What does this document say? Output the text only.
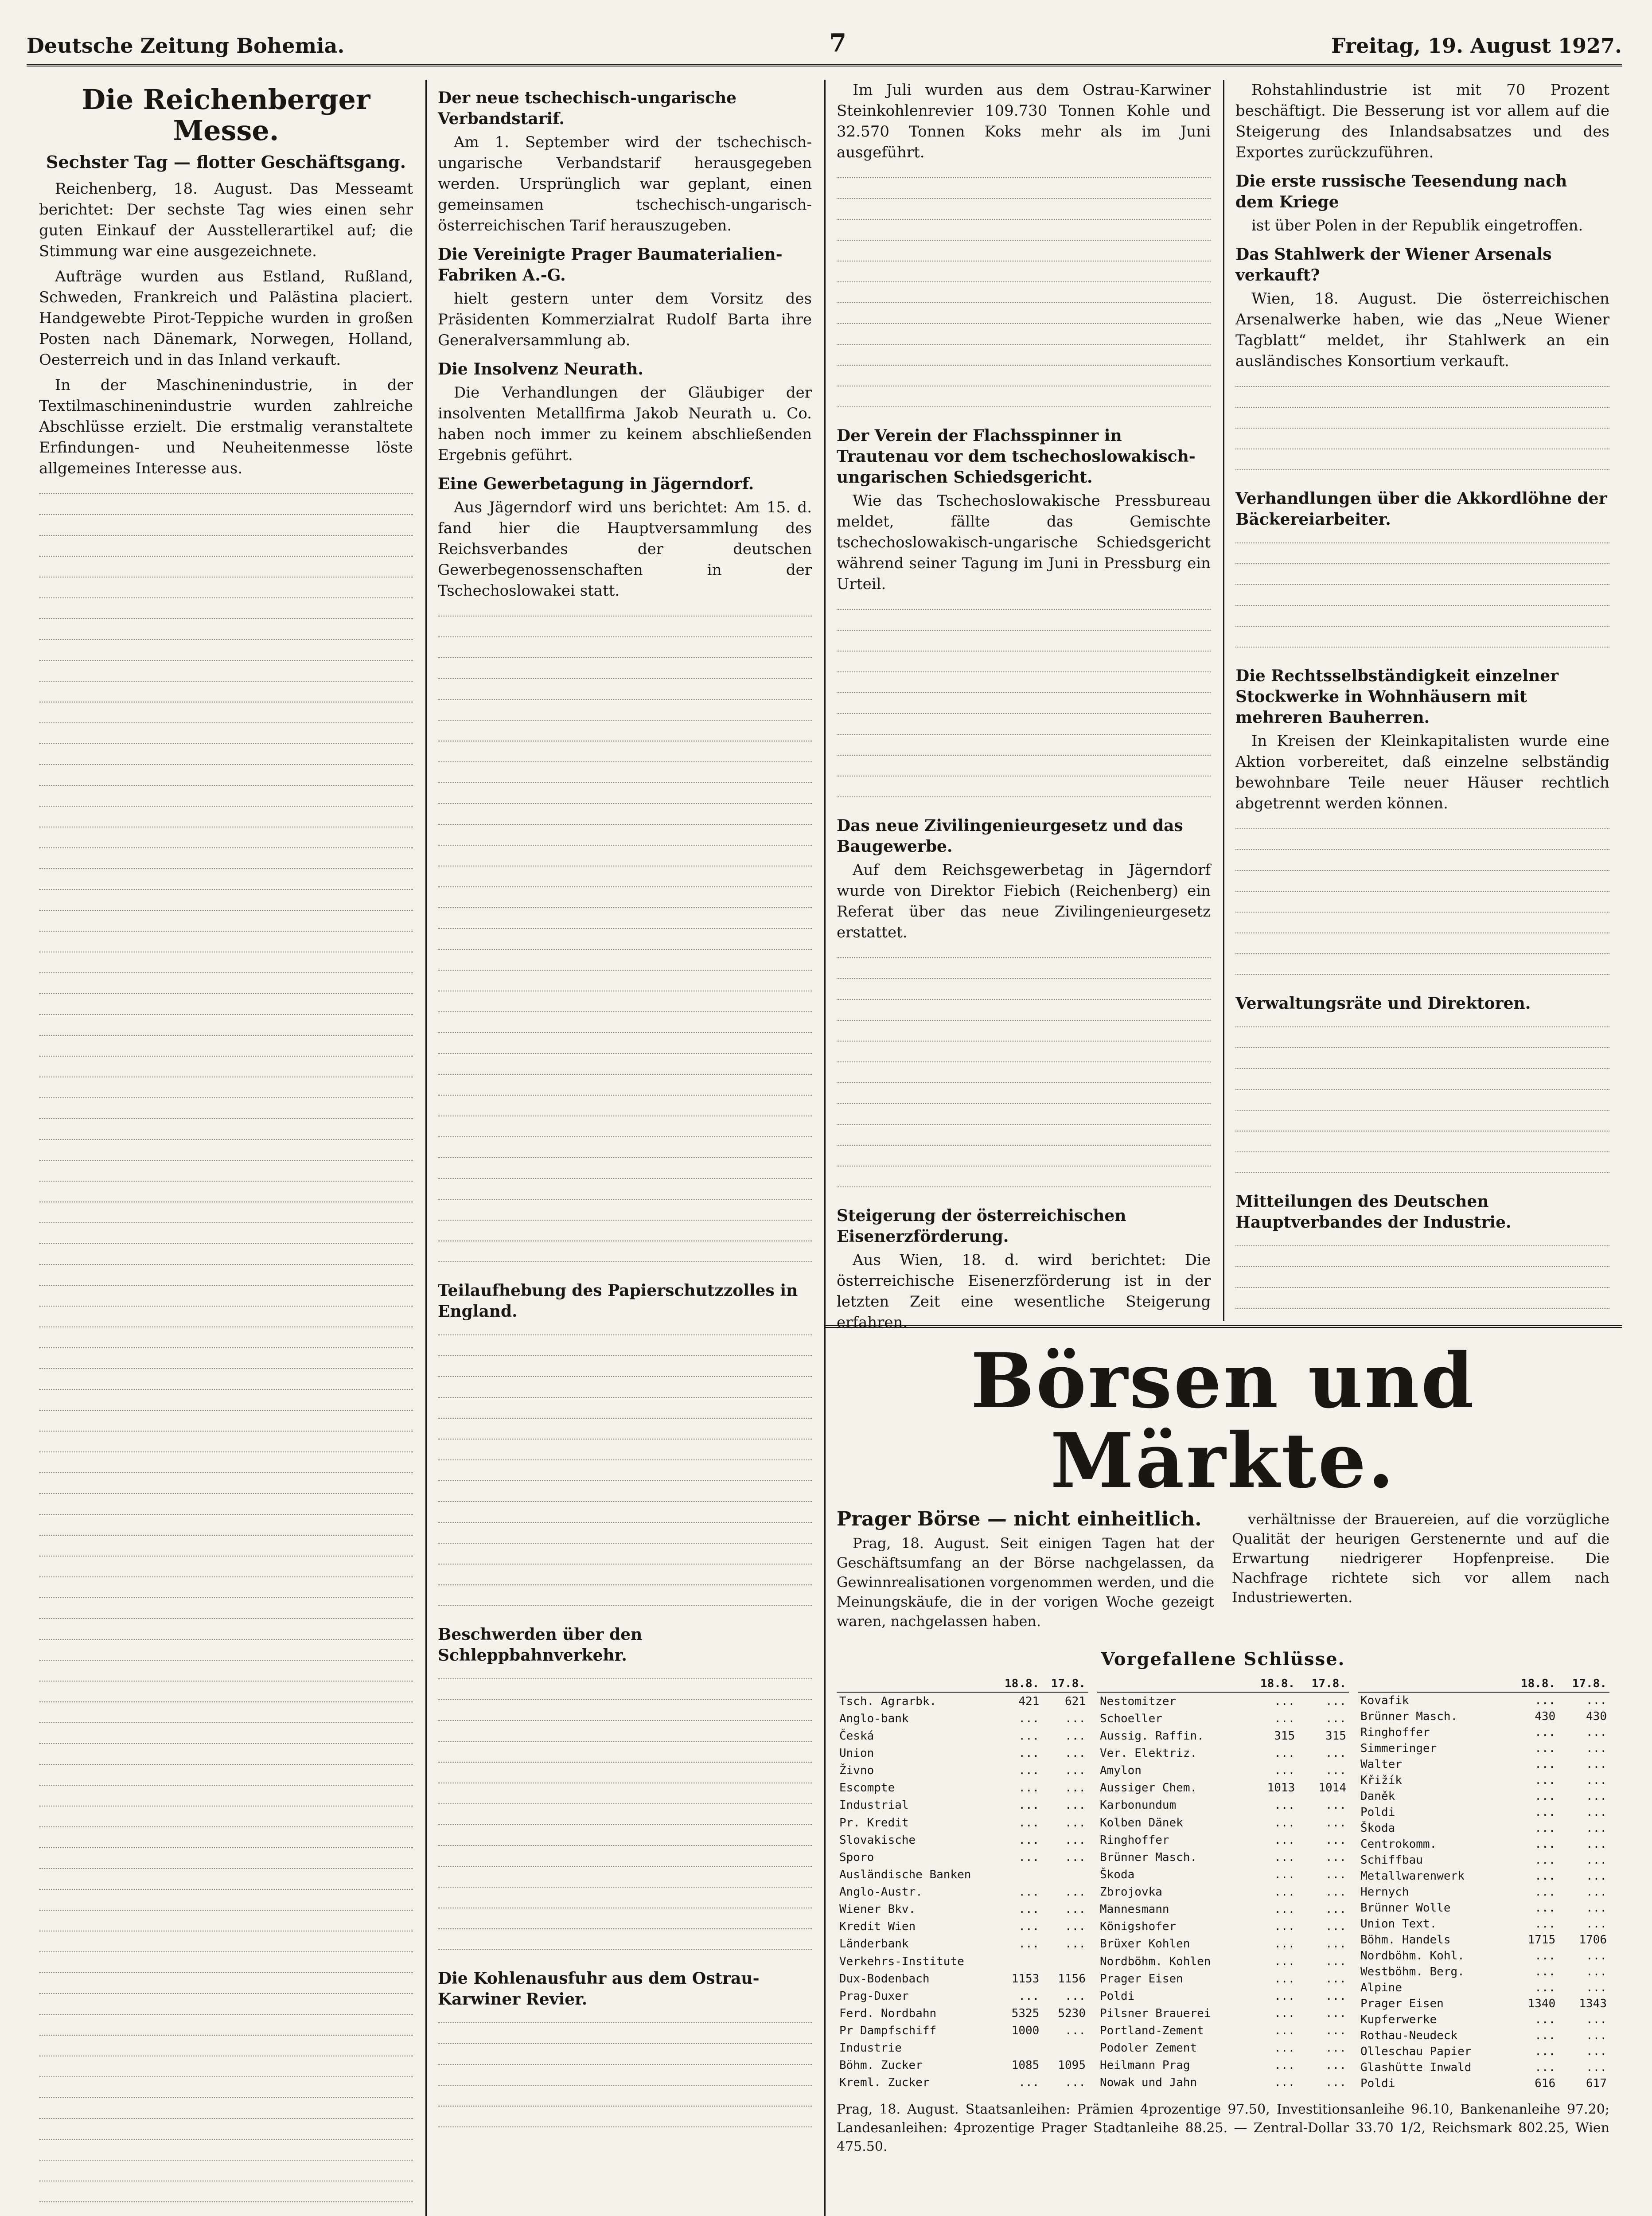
Deutsche Zeitung Bohemia.	7	Freitag, 19. August 1927.
Die Reichenberger Messe.
Sechster Tag — flotter Geschäftsgang.

Reichenberg, 18. August. Das Messeamt berichtet: Der sechste Tag wies einen sehr guten Einkauf der Ausstellerartikel auf; die Stimmung war eine ausgezeichnete.

Aufträge wurden aus Estland, Rußland, Schweden, Frankreich und Palästina placiert. Handgewebte Pirot-Teppiche wurden in großen Posten nach Dänemark, Norwegen, Holland, Oesterreich und in das Inland verkauft.

In der Maschinenindustrie, in der Textilmaschinenindustrie wurden zahlreiche Abschlüsse erzielt. Die erstmalig veranstaltete Erfindungen- und Neuheitenmesse löste allgemeines Interesse aus.

Der neue tschechisch-ungarische Verbandstarif.

Am 1. September wird der tschechisch-ungarische Verbandstarif herausgegeben werden. Ursprünglich war geplant, einen gemeinsamen tschechisch-ungarisch-österreichischen Tarif herauszugeben.

Die Vereinigte Prager Baumaterialien-Fabriken A.-G.

hielt gestern unter dem Vorsitz des Präsidenten Kommerzialrat Rudolf Barta ihre Generalversammlung ab.

Die Insolvenz Neurath.

Die Verhandlungen der Gläubiger der insolventen Metallfirma Jakob Neurath u. Co. haben noch immer zu keinem abschließenden Ergebnis geführt.

Eine Gewerbetagung in Jägerndorf.

Aus Jägerndorf wird uns berichtet: Am 15. d. fand hier die Hauptversammlung des Reichsverbandes der deutschen Gewerbegenossenschaften in der Tschechoslowakei statt.

Teilaufhebung des Papierschutzzolles in England.
Beschwerden über den Schleppbahnverkehr.
Die Kohlenausfuhr aus dem Ostrau-Karwiner Revier.

Im Juli wurden aus dem Ostrau-Karwiner Steinkohlenrevier 109.730 Tonnen Kohle und 32.570 Tonnen Koks mehr als im Juni ausgeführt.

Der Verein der Flachsspinner in Trautenau vor dem tschechoslowakisch-ungarischen Schiedsgericht.

Wie das Tschechoslowakische Pressbureau meldet, fällte das Gemischte tschechoslowakisch-ungarische Schiedsgericht während seiner Tagung im Juni in Pressburg ein Urteil.

Das neue Zivilingenieurgesetz und das Baugewerbe.

Auf dem Reichsgewerbetag in Jägerndorf wurde von Direktor Fiebich (Reichenberg) ein Referat über das neue Zivilingenieurgesetz erstattet.

Steigerung der österreichischen Eisenerzförderung.

Aus Wien, 18. d. wird berichtet: Die österreichische Eisenerzförderung ist in der letzten Zeit eine wesentliche Steigerung erfahren.

Rohstahlindustrie ist mit 70 Prozent beschäftigt. Die Besserung ist vor allem auf die Steigerung des Inlandsabsatzes und des Exportes zurückzuführen.

Die erste russische Teesendung nach dem Kriege

ist über Polen in der Republik eingetroffen.

Das Stahlwerk der Wiener Arsenals verkauft?

Wien, 18. August. Die österreichischen Arsenalwerke haben, wie das „Neue Wiener Tagblatt“ meldet, ihr Stahlwerk an ein ausländisches Konsortium verkauft.

Verhandlungen über die Akkordlöhne der Bäckereiarbeiter.
Die Rechtsselbständigkeit einzelner Stockwerke in Wohnhäusern mit mehreren Bauherren.

In Kreisen der Kleinkapitalisten wurde eine Aktion vorbereitet, daß einzelne selbständig bewohnbare Teile neuer Häuser rechtlich abgetrennt werden können.

Verwaltungsräte und Direktoren.
Mitteilungen des Deutschen Hauptverbandes der Industrie.
Börsen und Märkte.
Prager Börse — nicht einheitlich.

Prag, 18. August. Seit einigen Tagen hat der Geschäftsumfang an der Börse nachgelassen, da Gewinnrealisationen vorgenommen werden, und die Meinungskäufe, die in der vorigen Woche gezeigt waren, nachgelassen haben.

verhältnisse der Brauereien, auf die vorzügliche Qualität der heurigen Gerstenernte und auf die Erwartung niedrigerer Hopfenpreise. Die Nachfrage richtete sich vor allem nach Industriewerten.

Vorgefallene Schlüsse.
	18.8.	17.8.
Tsch. Agrarbk.	421	621
Anglo-bank	...	...
Česká	...	...
Union	...	...
Živno	...	...
Escompte	...	...
Industrial	...	...
Pr. Kredit	...	...
Slovakische	...	...
Sporo	...	...
Ausländische Banken		
Anglo-Austr.	...	...
Wiener Bkv.	...	...
Kredit Wien	...	...
Länderbank	...	...
Verkehrs-Institute		
Dux-Bodenbach	1153	1156
Prag-Duxer	...	...
Ferd. Nordbahn	5325	5230
Pr Dampfschiff	1000	...
Industrie		
Böhm. Zucker	1085	1095
Kreml. Zucker	...	...
	18.8.	17.8.
Nestomitzer	...	...
Schoeller	...	...
Aussig. Raffin.	315	315
Ver. Elektriz.	...	...
Amylon	...	...
Aussiger Chem.	1013	1014
Karbonundum	...	...
Kolben Dänek	...	...
Ringhoffer	...	...
Brünner Masch.	...	...
Škoda	...	...
Zbrojovka	...	...
Mannesmann	...	...
Königshofer	...	...
Brüxer Kohlen	...	...
Nordböhm. Kohlen	...	...
Prager Eisen	...	...
Poldi	...	...
Pilsner Brauerei	...	...
Portland-Zement	...	...
Podoler Zement	...	...
Heilmann Prag	...	...
Nowak und Jahn	...	...
	18.8.	17.8.
Kovafik	...	...
Brünner Masch.	430	430
Ringhoffer	...	...
Simmeringer	...	...
Walter	...	...
Křižík	...	...
Daněk	...	...
Poldi	...	...
Škoda	...	...
Centrokomm.	...	...
Schiffbau	...	...
Metallwarenwerk	...	...
Hernych	...	...
Brünner Wolle	...	...
Union Text.	...	...
Böhm. Handels	1715	1706
Nordböhm. Kohl.	...	...
Westböhm. Berg.	...	...
Alpine	...	...
Prager Eisen	1340	1343
Kupferwerke	...	...
Rothau-Neudeck	...	...
Olleschau Papier	...	...
Glashütte Inwald	...	...
Poldi	616	617
Prag, 18. August. Staatsanleihen: Prämien 4prozentige 97.50, Investitionsanleihe 96.10, Bankenanleihe 97.20; Landesanleihen: 4prozentige Prager Stadtanleihe 88.25. — Zentral-Dollar 33.70 1/2, Reichsmark 802.25, Wien 475.50.
